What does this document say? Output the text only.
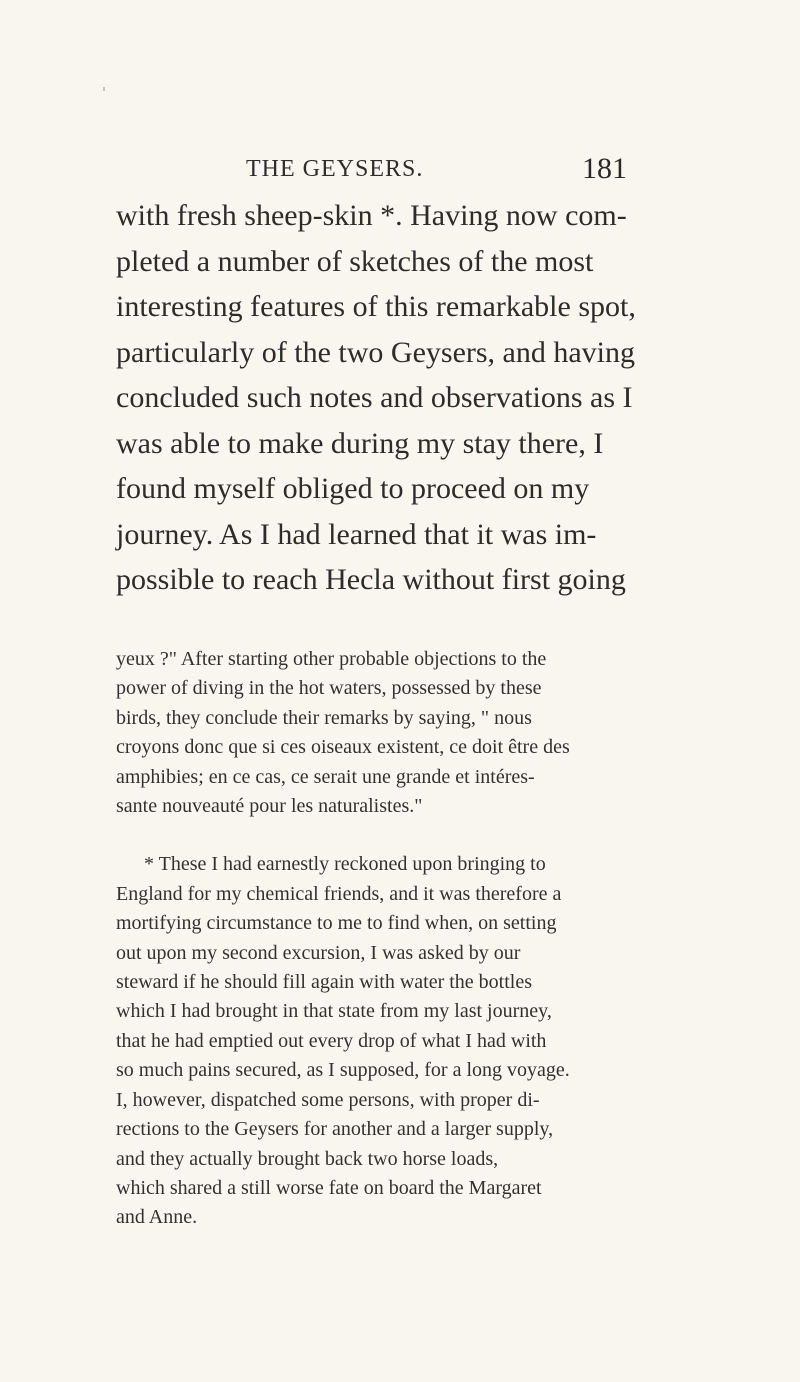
THE GEYSERS.	181

with fresh sheep-skin *. Having now com-

pleted a number of sketches of the most

interesting features of this remarkable spot,

particularly of the two Geysers, and having

concluded such notes and observations as I

was able to make during my stay there, I

found myself obliged to proceed on my

journey. As I had learned that it was im-

possible to reach Hecla without first going

yeux ?" After starting other probable objections to the

power of diving in the hot waters, possessed by these

birds, they conclude their remarks by saying, " nous

croyons donc que si ces oiseaux existent, ce doit être des

amphibies; en ce cas, ce serait une grande et intéres-

sante nouveauté pour les naturalistes."

* These I had earnestly reckoned upon bringing to

England for my chemical friends, and it was therefore a

mortifying circumstance to me to find when, on setting

out upon my second excursion, I was asked by our

steward if he should fill again with water the bottles

which I had brought in that state from my last journey,

that he had emptied out every drop of what I had with

so much pains secured, as I supposed, for a long voyage.

I, however, dispatched some persons, with proper di-

rections to the Geysers for another and a larger supply,

and they actually brought back two horse loads,

which shared a still worse fate on board the Margaret

and Anne.
